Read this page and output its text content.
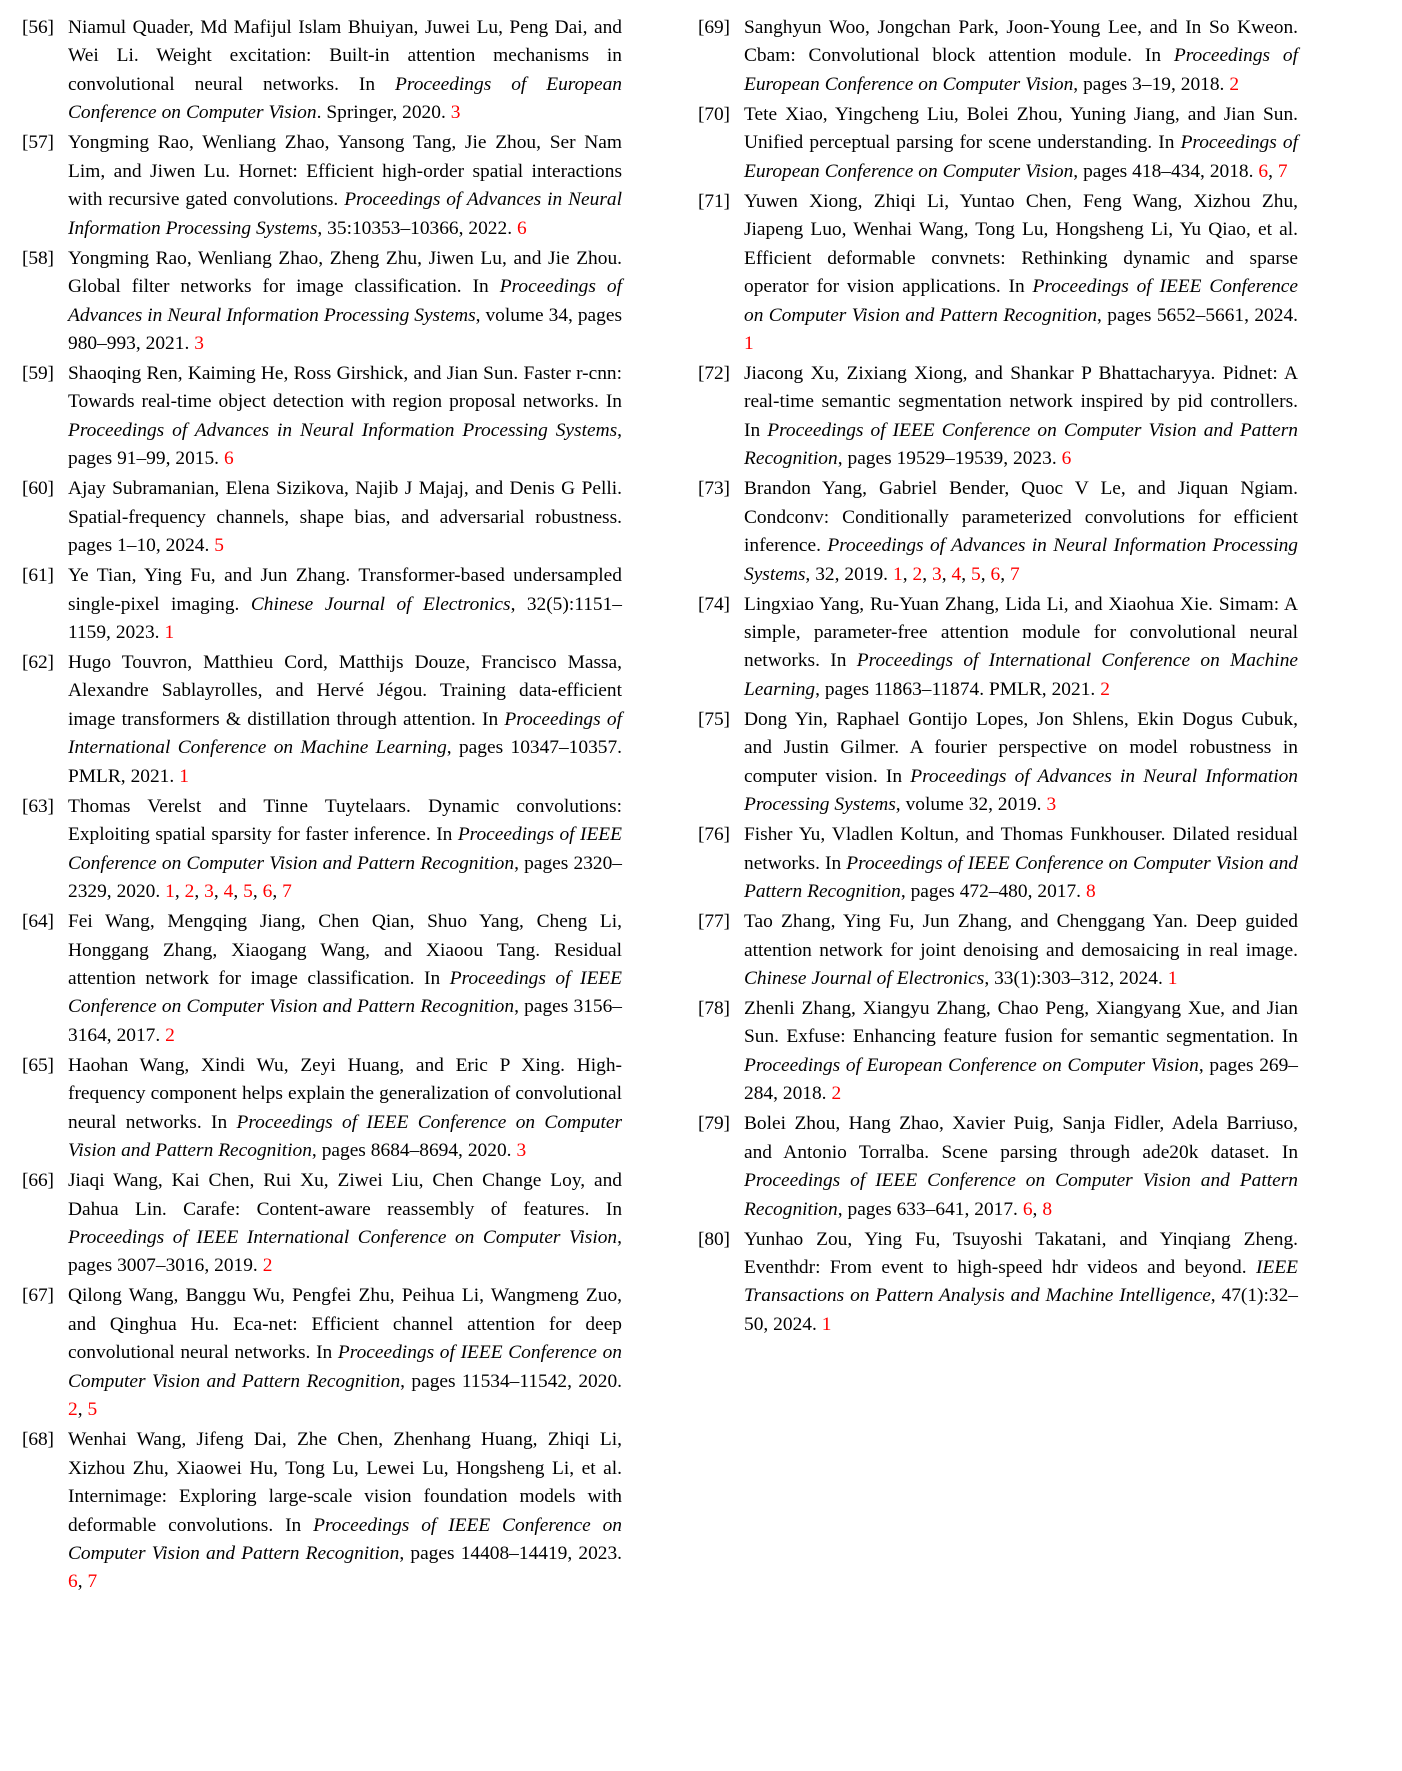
[56] Niamul Quader, Md Mafijul Islam Bhuiyan, Juwei Lu, Peng Dai, and Wei Li. Weight excitation: Built-in attention mechanisms in convolutional neural networks. In Proceedings of European Conference on Computer Vision. Springer, 2020. 3
[57] Yongming Rao, Wenliang Zhao, Yansong Tang, Jie Zhou, Ser Nam Lim, and Jiwen Lu. Hornet: Efficient high-order spatial interactions with recursive gated convolutions. Proceedings of Advances in Neural Information Processing Systems, 35:10353–10366, 2022. 6
[58] Yongming Rao, Wenliang Zhao, Zheng Zhu, Jiwen Lu, and Jie Zhou. Global filter networks for image classification. In Proceedings of Advances in Neural Information Processing Systems, volume 34, pages 980–993, 2021. 3
[59] Shaoqing Ren, Kaiming He, Ross Girshick, and Jian Sun. Faster r-cnn: Towards real-time object detection with region proposal networks. In Proceedings of Advances in Neural Information Processing Systems, pages 91–99, 2015. 6
[60] Ajay Subramanian, Elena Sizikova, Najib J Majaj, and Denis G Pelli. Spatial-frequency channels, shape bias, and adversarial robustness. pages 1–10, 2024. 5
[61] Ye Tian, Ying Fu, and Jun Zhang. Transformer-based undersampled single-pixel imaging. Chinese Journal of Electronics, 32(5):1151–1159, 2023. 1
[62] Hugo Touvron, Matthieu Cord, Matthijs Douze, Francisco Massa, Alexandre Sablayrolles, and Hervé Jégou. Training data-efficient image transformers & distillation through attention. In Proceedings of International Conference on Machine Learning, pages 10347–10357. PMLR, 2021. 1
[63] Thomas Verelst and Tinne Tuytelaars. Dynamic convolutions: Exploiting spatial sparsity for faster inference. In Proceedings of IEEE Conference on Computer Vision and Pattern Recognition, pages 2320–2329, 2020. 1, 2, 3, 4, 5, 6, 7
[64] Fei Wang, Mengqing Jiang, Chen Qian, Shuo Yang, Cheng Li, Honggang Zhang, Xiaogang Wang, and Xiaoou Tang. Residual attention network for image classification. In Proceedings of IEEE Conference on Computer Vision and Pattern Recognition, pages 3156–3164, 2017. 2
[65] Haohan Wang, Xindi Wu, Zeyi Huang, and Eric P Xing. High-frequency component helps explain the generalization of convolutional neural networks. In Proceedings of IEEE Conference on Computer Vision and Pattern Recognition, pages 8684–8694, 2020. 3
[66] Jiaqi Wang, Kai Chen, Rui Xu, Ziwei Liu, Chen Change Loy, and Dahua Lin. Carafe: Content-aware reassembly of features. In Proceedings of IEEE International Conference on Computer Vision, pages 3007–3016, 2019. 2
[67] Qilong Wang, Banggu Wu, Pengfei Zhu, Peihua Li, Wangmeng Zuo, and Qinghua Hu. Eca-net: Efficient channel attention for deep convolutional neural networks. In Proceedings of IEEE Conference on Computer Vision and Pattern Recognition, pages 11534–11542, 2020. 2, 5
[68] Wenhai Wang, Jifeng Dai, Zhe Chen, Zhenhang Huang, Zhiqi Li, Xizhou Zhu, Xiaowei Hu, Tong Lu, Lewei Lu, Hongsheng Li, et al. Internimage: Exploring large-scale vision foundation models with deformable convolutions. In Proceedings of IEEE Conference on Computer Vision and Pattern Recognition, pages 14408–14419, 2023. 6, 7
[69] Sanghyun Woo, Jongchan Park, Joon-Young Lee, and In So Kweon. Cbam: Convolutional block attention module. In Proceedings of European Conference on Computer Vision, pages 3–19, 2018. 2
[70] Tete Xiao, Yingcheng Liu, Bolei Zhou, Yuning Jiang, and Jian Sun. Unified perceptual parsing for scene understanding. In Proceedings of European Conference on Computer Vision, pages 418–434, 2018. 6, 7
[71] Yuwen Xiong, Zhiqi Li, Yuntao Chen, Feng Wang, Xizhou Zhu, Jiapeng Luo, Wenhai Wang, Tong Lu, Hongsheng Li, Yu Qiao, et al. Efficient deformable convnets: Rethinking dynamic and sparse operator for vision applications. In Proceedings of IEEE Conference on Computer Vision and Pattern Recognition, pages 5652–5661, 2024. 1
[72] Jiacong Xu, Zixiang Xiong, and Shankar P Bhattacharyya. Pidnet: A real-time semantic segmentation network inspired by pid controllers. In Proceedings of IEEE Conference on Computer Vision and Pattern Recognition, pages 19529–19539, 2023. 6
[73] Brandon Yang, Gabriel Bender, Quoc V Le, and Jiquan Ngiam. Condconv: Conditionally parameterized convolutions for efficient inference. Proceedings of Advances in Neural Information Processing Systems, 32, 2019. 1, 2, 3, 4, 5, 6, 7
[74] Lingxiao Yang, Ru-Yuan Zhang, Lida Li, and Xiaohua Xie. Simam: A simple, parameter-free attention module for convolutional neural networks. In Proceedings of International Conference on Machine Learning, pages 11863–11874. PMLR, 2021. 2
[75] Dong Yin, Raphael Gontijo Lopes, Jon Shlens, Ekin Dogus Cubuk, and Justin Gilmer. A fourier perspective on model robustness in computer vision. In Proceedings of Advances in Neural Information Processing Systems, volume 32, 2019. 3
[76] Fisher Yu, Vladlen Koltun, and Thomas Funkhouser. Dilated residual networks. In Proceedings of IEEE Conference on Computer Vision and Pattern Recognition, pages 472–480, 2017. 8
[77] Tao Zhang, Ying Fu, Jun Zhang, and Chenggang Yan. Deep guided attention network for joint denoising and demosaicing in real image. Chinese Journal of Electronics, 33(1):303–312, 2024. 1
[78] Zhenli Zhang, Xiangyu Zhang, Chao Peng, Xiangyang Xue, and Jian Sun. Exfuse: Enhancing feature fusion for semantic segmentation. In Proceedings of European Conference on Computer Vision, pages 269–284, 2018. 2
[79] Bolei Zhou, Hang Zhao, Xavier Puig, Sanja Fidler, Adela Barriuso, and Antonio Torralba. Scene parsing through ade20k dataset. In Proceedings of IEEE Conference on Computer Vision and Pattern Recognition, pages 633–641, 2017. 6, 8
[80] Yunhao Zou, Ying Fu, Tsuyoshi Takatani, and Yinqiang Zheng. Eventhdr: From event to high-speed hdr videos and beyond. IEEE Transactions on Pattern Analysis and Machine Intelligence, 47(1):32–50, 2024. 1
